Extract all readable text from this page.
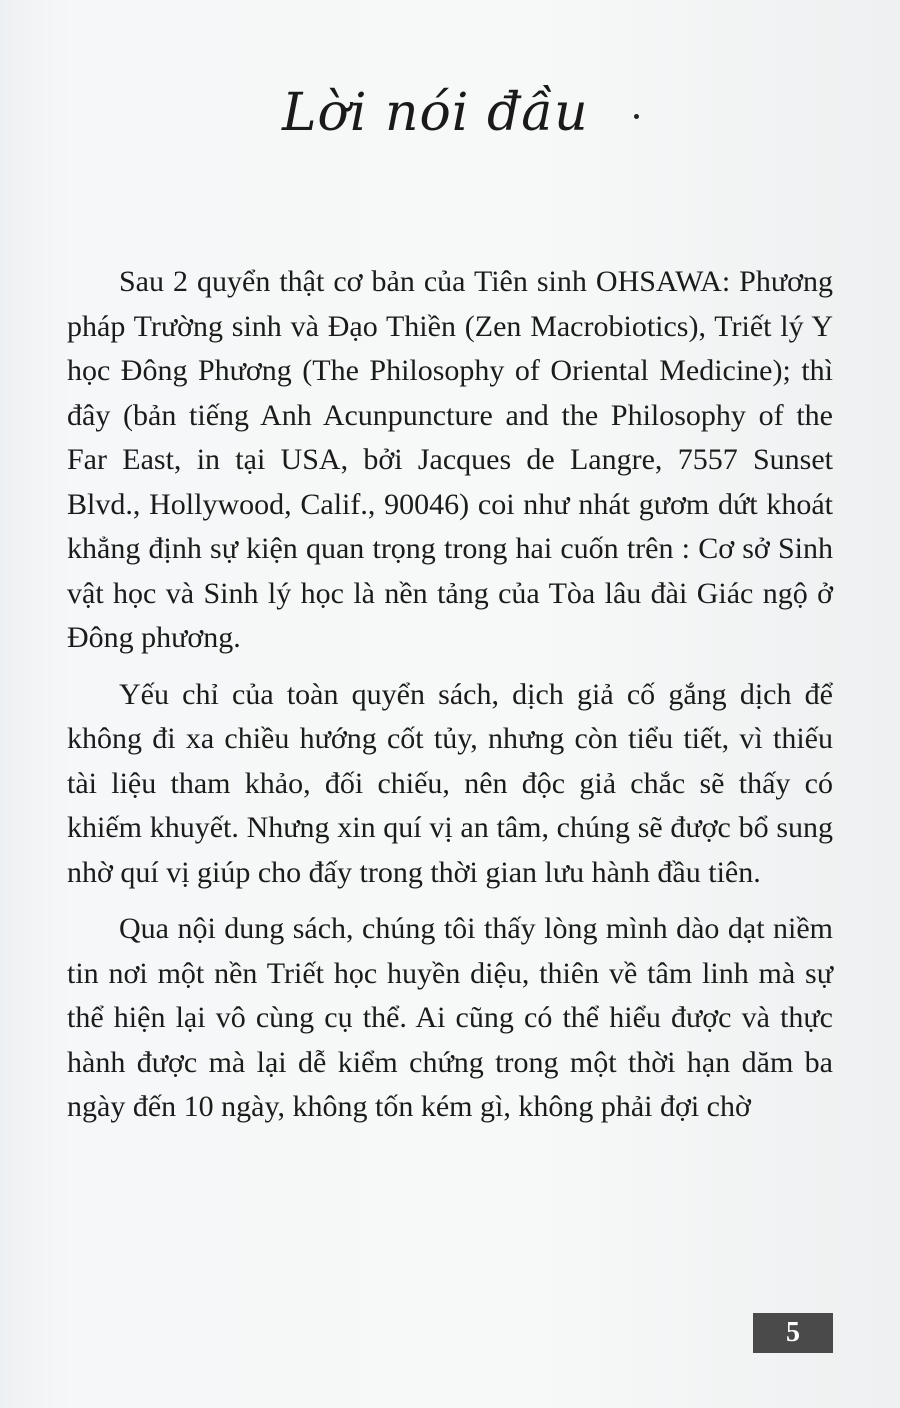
Lời nói đầu

Sau 2 quyển thật cơ bản của Tiên sinh OHSAWA: Phương pháp Trường sinh và Đạo Thiền (Zen Macrobiotics), Triết lý Y học Đông Phương (The Philosophy of Oriental Medicine); thì đây (bản tiếng Anh Acunpuncture and the Philosophy of the Far East, in tại USA, bởi Jacques de Langre, 7557 Sunset Blvd., Hollywood, Calif., 90046) coi như nhát gươm dứt khoát khẳng định sự kiện quan trọng trong hai cuốn trên : Cơ sở Sinh vật học và Sinh lý học là nền tảng của Tòa lâu đài Giác ngộ ở Đông phương.

Yếu chỉ của toàn quyển sách, dịch giả cố gắng dịch để không đi xa chiều hướng cốt tủy, nhưng còn tiểu tiết, vì thiếu tài liệu tham khảo, đối chiếu, nên độc giả chắc sẽ thấy có khiếm khuyết. Nhưng xin quí vị an tâm, chúng sẽ được bổ sung nhờ quí vị giúp cho đấy trong thời gian lưu hành đầu tiên.

Qua nội dung sách, chúng tôi thấy lòng mình dào dạt niềm tin nơi một nền Triết học huyền diệu, thiên về tâm linh mà sự thể hiện lại vô cùng cụ thể. Ai cũng có thể hiểu được và thực hành được mà lại dễ kiểm chứng trong một thời hạn dăm ba ngày đến 10 ngày, không tốn kém gì, không phải đợi chờ

5
